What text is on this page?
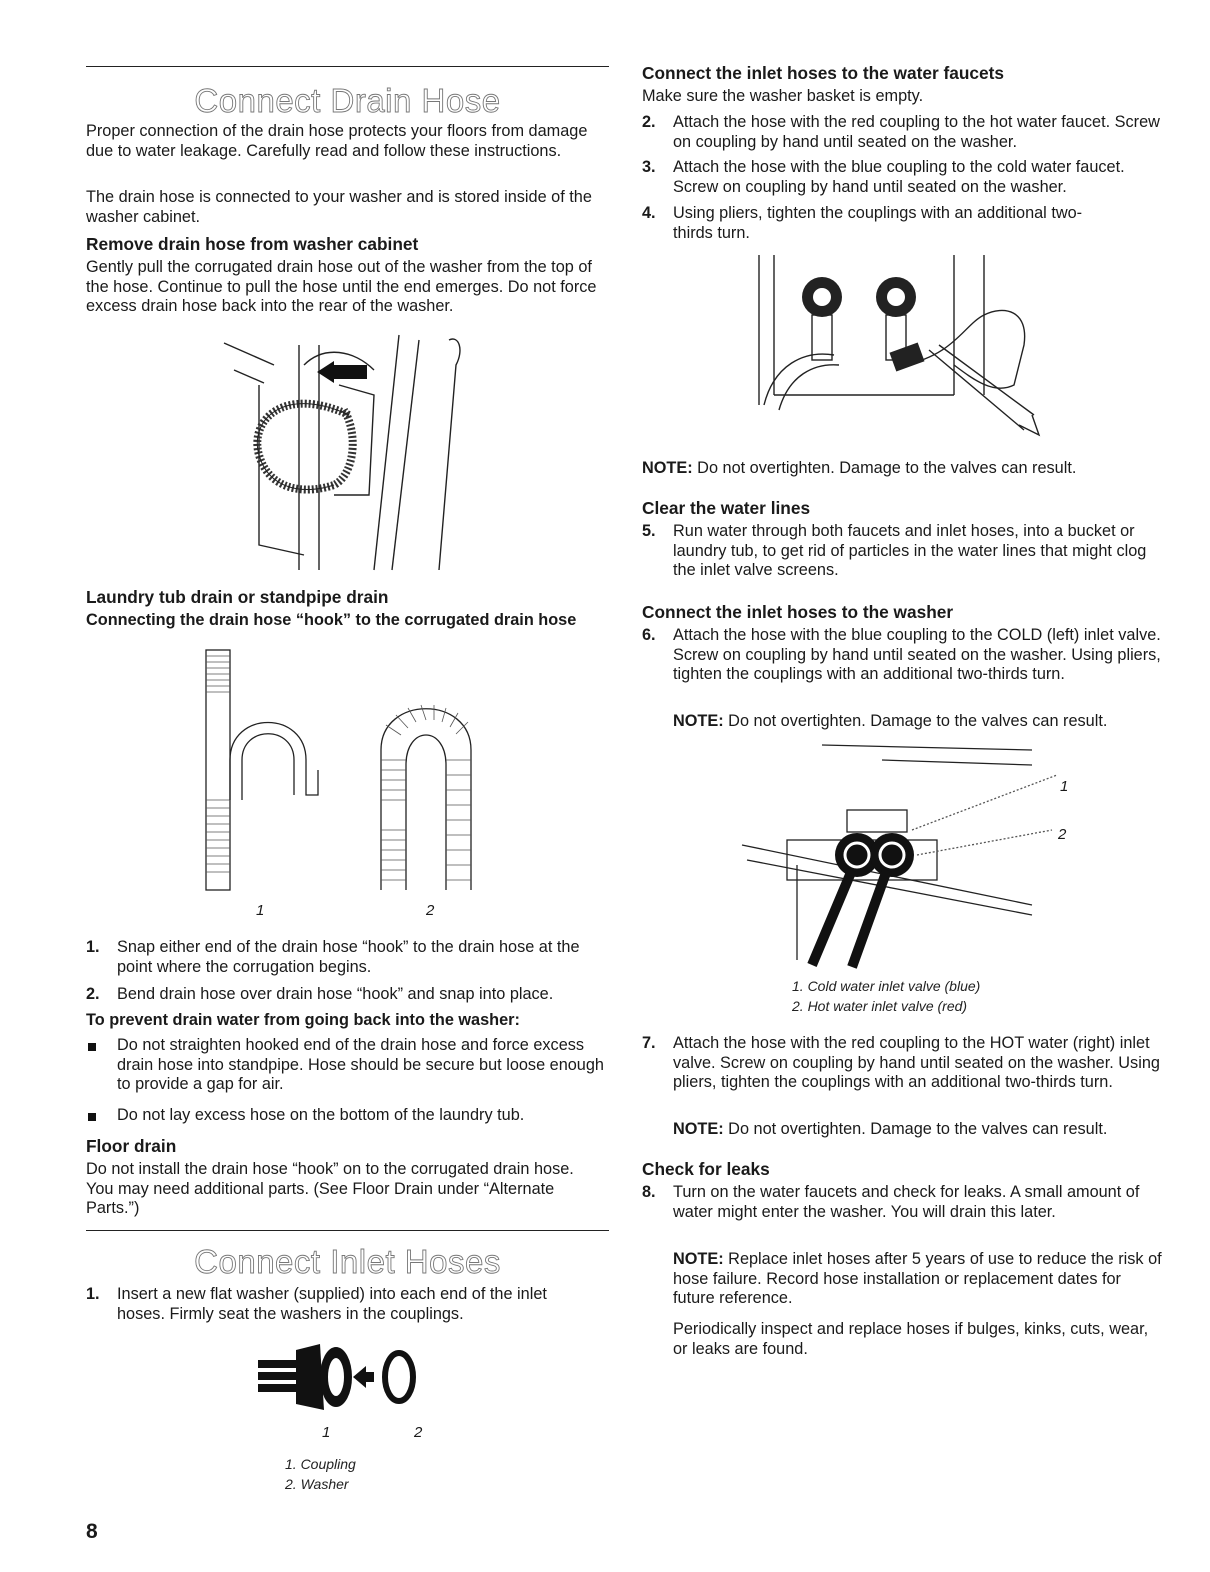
Connect Drain Hose
Proper connection of the drain hose protects your floors from damage due to water leakage. Carefully read and follow these instructions.
The drain hose is connected to your washer and is stored inside of the washer cabinet.
Remove drain hose from washer cabinet
Gently pull the corrugated drain hose out of the washer from the top of the hose. Continue to pull the hose until the end emerges. Do not force excess drain hose back into the rear of the washer.
Laundry tub drain or standpipe drain
Connecting the drain hose “hook” to the corrugated drain hose
1	2
1. Snap either end of the drain hose “hook” to the drain hose at the point where the corrugation begins.
2. Bend drain hose over drain hose “hook” and snap into place.
To prevent drain water from going back into the washer:
Do not straighten hooked end of the drain hose and force excess drain hose into standpipe. Hose should be secure but loose enough to provide a gap for air.
Do not lay excess hose on the bottom of the laundry tub.
Floor drain
Do not install the drain hose “hook” on to the corrugated drain hose. You may need additional parts. (See Floor Drain under “Alternate Parts.”)
Connect Inlet Hoses
1. Insert a new flat washer (supplied) into each end of the inlet hoses. Firmly seat the washers in the couplings.
1	2
1. Coupling
2. Washer
Connect the inlet hoses to the water faucets
Make sure the washer basket is empty.
2. Attach the hose with the red coupling to the hot water faucet. Screw on coupling by hand until seated on the washer.
3. Attach the hose with the blue coupling to the cold water faucet. Screw on coupling by hand until seated on the washer.
4. Using pliers, tighten the couplings with an additional two-thirds turn.
NOTE: Do not overtighten. Damage to the valves can result.
Clear the water lines
5. Run water through both faucets and inlet hoses, into a bucket or laundry tub, to get rid of particles in the water lines that might clog the inlet valve screens.
Connect the inlet hoses to the washer
6. Attach the hose with the blue coupling to the COLD (left) inlet valve. Screw on coupling by hand until seated on the washer. Using pliers, tighten the couplings with an additional two-thirds turn.
NOTE: Do not overtighten. Damage to the valves can result.
1
2
1. Cold water inlet valve (blue)
2. Hot water inlet valve (red)
7. Attach the hose with the red coupling to the HOT water (right) inlet valve. Screw on coupling by hand until seated on the washer. Using pliers, tighten the couplings with an additional two-thirds turn.
NOTE: Do not overtighten. Damage to the valves can result.
Check for leaks
8. Turn on the water faucets and check for leaks. A small amount of water might enter the washer. You will drain this later.
NOTE: Replace inlet hoses after 5 years of use to reduce the risk of hose failure. Record hose installation or replacement dates for future reference.
Periodically inspect and replace hoses if bulges, kinks, cuts, wear, or leaks are found.
8
